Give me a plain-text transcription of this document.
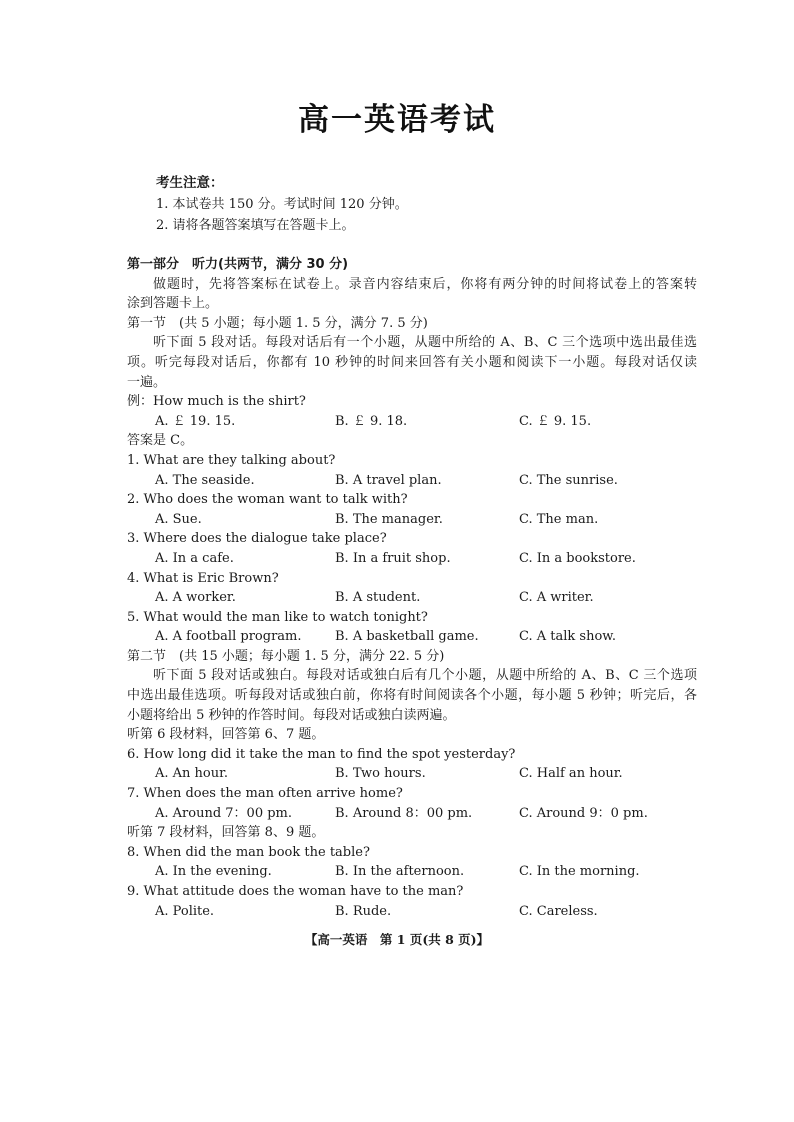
高一英语考试
考生注意：
1. 本试卷共 150 分。考试时间 120 分钟。
2. 请将各题答案填写在答题卡上。
第一部分　听力(共两节，满分 30 分)
做题时，先将答案标在试卷上。录音内容结束后，你将有两分钟的时间将试卷上的答案转
涂到答题卡上。
第一节　(共 5 小题；每小题 1. 5 分，满分 7. 5 分)
听下面 5 段对话。每段对话后有一个小题，从题中所给的 A、B、C 三个选项中选出最佳选
项。听完每段对话后，你都有 10 秒钟的时间来回答有关小题和阅读下一小题。每段对话仅读
一遍。
例：How much is the shirt?
A. ￡ 19. 15.	B. ￡ 9. 18.	C. ￡ 9. 15.
答案是 C。
1. What are they talking about?
A. The seaside.	B. A travel plan.	C. The sunrise.
2. Who does the woman want to talk with?
A. Sue.	B. The manager.	C. The man.
3. Where does the dialogue take place?
A. In a cafe.	B. In a fruit shop.	C. In a bookstore.
4. What is Eric Brown?
A. A worker.	B. A student.	C. A writer.
5. What would the man like to watch tonight?
A. A football program.	B. A basketball game.	C. A talk show.
第二节　(共 15 小题；每小题 1. 5 分，满分 22. 5 分)
听下面 5 段对话或独白。每段对话或独白后有几个小题，从题中所给的 A、B、C 三个选项
中选出最佳选项。听每段对话或独白前，你将有时间阅读各个小题，每小题 5 秒钟；听完后，各
小题将给出 5 秒钟的作答时间。每段对话或独白读两遍。
听第 6 段材料，回答第 6、7 题。
6. How long did it take the man to find the spot yesterday?
A. An hour.	B. Two hours.	C. Half an hour.
7. When does the man often arrive home?
A. Around 7：00 pm.	B. Around 8：00 pm.	C. Around 9：0 pm.
听第 7 段材料，回答第 8、9 题。
8. When did the man book the table?
A. In the evening.	B. In the afternoon.	C. In the morning.
9. What attitude does the woman have to the man?
A. Polite.	B. Rude.	C. Careless.
【高一英语　第 1 页(共 8 页)】
